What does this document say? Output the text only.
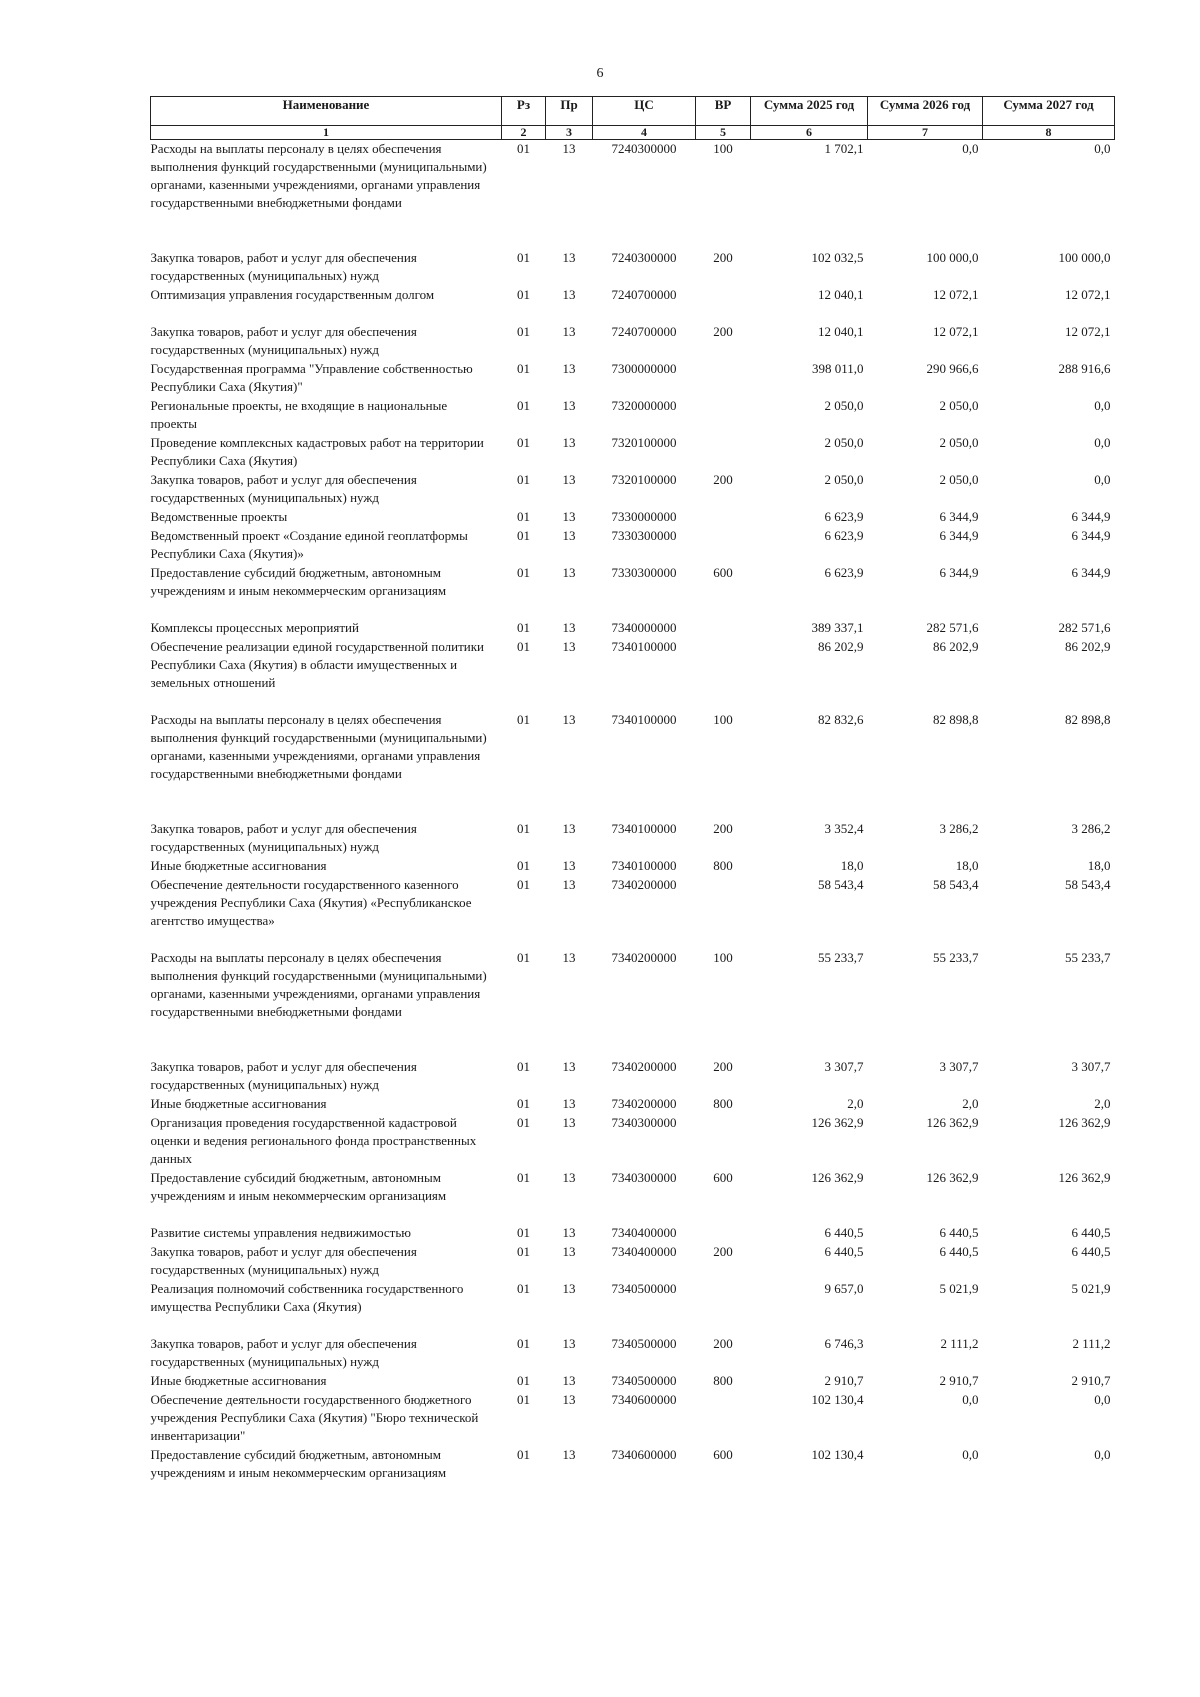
6
Наименование	Рз	Пр	ЦС	ВР	Сумма 2025 год	Сумма 2026 год	Сумма 2027 год
1	2	3	4	5	6	7	8
Расходы на выплаты персоналу в целях обеспечения выполнения функций государственными (муниципальными) органами, казенными учреждениями, органами управления государственными внебюджетными фондами	01	13	7240300000	100	1 702,1	0,0	0,0
Закупка товаров, работ и услуг для обеспечения государственных (муниципальных) нужд	01	13	7240300000	200	102 032,5	100 000,0	100 000,0
Оптимизация управления государственным долгом	01	13	7240700000		12 040,1	12 072,1	12 072,1
Закупка товаров, работ и услуг для обеспечения государственных (муниципальных) нужд	01	13	7240700000	200	12 040,1	12 072,1	12 072,1
Государственная программа "Управление собственностью Республики Саха (Якутия)"	01	13	7300000000		398 011,0	290 966,6	288 916,6
Региональные проекты, не входящие в национальные проекты	01	13	7320000000		2 050,0	2 050,0	0,0
Проведение комплексных кадастровых работ на территории Республики Саха (Якутия)	01	13	7320100000		2 050,0	2 050,0	0,0
Закупка товаров, работ и услуг для обеспечения государственных (муниципальных) нужд	01	13	7320100000	200	2 050,0	2 050,0	0,0
Ведомственные проекты	01	13	7330000000		6 623,9	6 344,9	6 344,9
Ведомственный проект «Создание единой геоплатформы Республики Саха (Якутия)»	01	13	7330300000		6 623,9	6 344,9	6 344,9
Предоставление субсидий бюджетным, автономным учреждениям и иным некоммерческим организациям	01	13	7330300000	600	6 623,9	6 344,9	6 344,9
Комплексы процессных мероприятий	01	13	7340000000		389 337,1	282 571,6	282 571,6
Обеспечение реализации единой государственной политики Республики Саха (Якутия) в области имущественных и земельных отношений	01	13	7340100000		86 202,9	86 202,9	86 202,9
Расходы на выплаты персоналу в целях обеспечения выполнения функций государственными (муниципальными) органами, казенными учреждениями, органами управления государственными внебюджетными фондами	01	13	7340100000	100	82 832,6	82 898,8	82 898,8
Закупка товаров, работ и услуг для обеспечения государственных (муниципальных) нужд	01	13	7340100000	200	3 352,4	3 286,2	3 286,2
Иные бюджетные ассигнования	01	13	7340100000	800	18,0	18,0	18,0
Обеспечение деятельности государственного казенного учреждения Республики Саха (Якутия) «Республиканское агентство имущества»	01	13	7340200000		58 543,4	58 543,4	58 543,4
Расходы на выплаты персоналу в целях обеспечения выполнения функций государственными (муниципальными) органами, казенными учреждениями, органами управления государственными внебюджетными фондами	01	13	7340200000	100	55 233,7	55 233,7	55 233,7
Закупка товаров, работ и услуг для обеспечения государственных (муниципальных) нужд	01	13	7340200000	200	3 307,7	3 307,7	3 307,7
Иные бюджетные ассигнования	01	13	7340200000	800	2,0	2,0	2,0
Организация проведения государственной кадастровой оценки и ведения регионального фонда пространственных данных	01	13	7340300000		126 362,9	126 362,9	126 362,9
Предоставление субсидий бюджетным, автономным учреждениям и иным некоммерческим организациям	01	13	7340300000	600	126 362,9	126 362,9	126 362,9
Развитие системы управления недвижимостью	01	13	7340400000		6 440,5	6 440,5	6 440,5
Закупка товаров, работ и услуг для обеспечения государственных (муниципальных) нужд	01	13	7340400000	200	6 440,5	6 440,5	6 440,5
Реализация полномочий собственника государственного имущества Республики Саха (Якутия)	01	13	7340500000		9 657,0	5 021,9	5 021,9
Закупка товаров, работ и услуг для обеспечения государственных (муниципальных) нужд	01	13	7340500000	200	6 746,3	2 111,2	2 111,2
Иные бюджетные ассигнования	01	13	7340500000	800	2 910,7	2 910,7	2 910,7
Обеспечение деятельности государственного бюджетного учреждения Республики Саха (Якутия) "Бюро технической инвентаризации"	01	13	7340600000		102 130,4	0,0	0,0
Предоставление субсидий бюджетным, автономным учреждениям и иным некоммерческим организациям	01	13	7340600000	600	102 130,4	0,0	0,0
